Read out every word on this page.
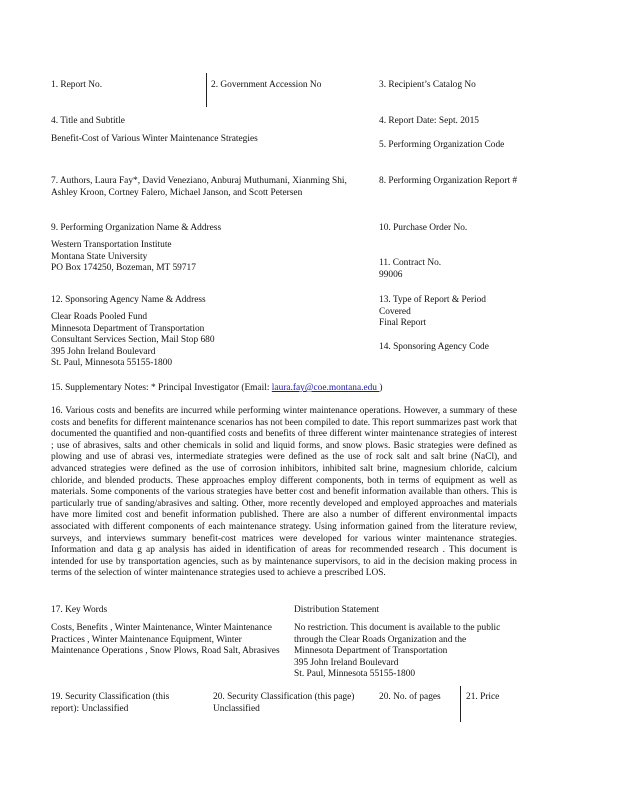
1. Report No.	2. Government Accession No	3. Recipient’s Catalog No
4. Title and Subtitle
Benefit-Cost of Various Winter Maintenance Strategies
4. Report Date: Sept. 2015
5. Performing Organization Code
7. Authors, Laura Fay*, David Veneziano, Anburaj Muthumani, Xianming Shi, Ashley Kroon, Cortney Falero, Michael Janson, and Scott Petersen
8. Performing Organization Report #
9. Performing Organization Name & Address
Western Transportation Institute
Montana State University
PO Box 174250, Bozeman, MT 59717
10. Purchase Order No.
11. Contract No.
99006
12. Sponsoring Agency Name & Address
Clear Roads Pooled Fund
Minnesota Department of Transportation
Consultant Services Section, Mail Stop 680
395 John Ireland Boulevard
St. Paul, Minnesota 55155-1800
13. Type of Report & Period Covered
Final Report
14. Sponsoring Agency Code
15. Supplementary Notes: * Principal Investigator (Email: laura.fay@coe.montana.edu )
16. Various costs and benefits are incurred while performing winter maintenance operations. However, a summary of these costs and benefits for different maintenance scenarios has not been compiled to date. This report summarizes past work that documented the quantified and non-quantified costs and benefits of three different winter maintenance strategies of interest ; use of abrasives, salts and other chemicals in solid and liquid forms, and snow plows. Basic strategies were defined as plowing and use of abrasi ves, intermediate strategies were defined as the use of rock salt and salt brine (NaCl), and advanced strategies were defined as the use of corrosion inhibitors, inhibited salt brine, magnesium chloride, calcium chloride, and blended products. These approaches employ different components, both in terms of equipment as well as materials. Some components of the various strategies have better cost and benefit information available than others. This is particularly true of sanding/abrasives and salting. Other, more recently developed and employed approaches and materials have more limited cost and benefit information published. There are also a number of different environmental impacts associated with different components of each maintenance strategy. Using information gained from the literature review, surveys, and interviews summary benefit-cost matrices were developed for various winter maintenance strategies. Information and data g ap analysis has aided in identification of areas for recommended research . This document is intended for use by transportation agencies, such as by maintenance supervisors, to aid in the decision making process in terms of the selection of winter maintenance strategies used to achieve a prescribed LOS.
17. Key Words
Costs, Benefits , Winter Maintenance, Winter Maintenance Practices , Winter Maintenance Equipment, Winter Maintenance Operations , Snow Plows, Road Salt, Abrasives
Distribution Statement
No restriction. This document is available to the public
through the Clear Roads Organization and the
Minnesota Department of Transportation
395 John Ireland Boulevard
St. Paul, Minnesota 55155-1800
19. Security Classification (this report): Unclassified
20. Security Classification (this page) Unclassified
20. No. of pages	21. Price
